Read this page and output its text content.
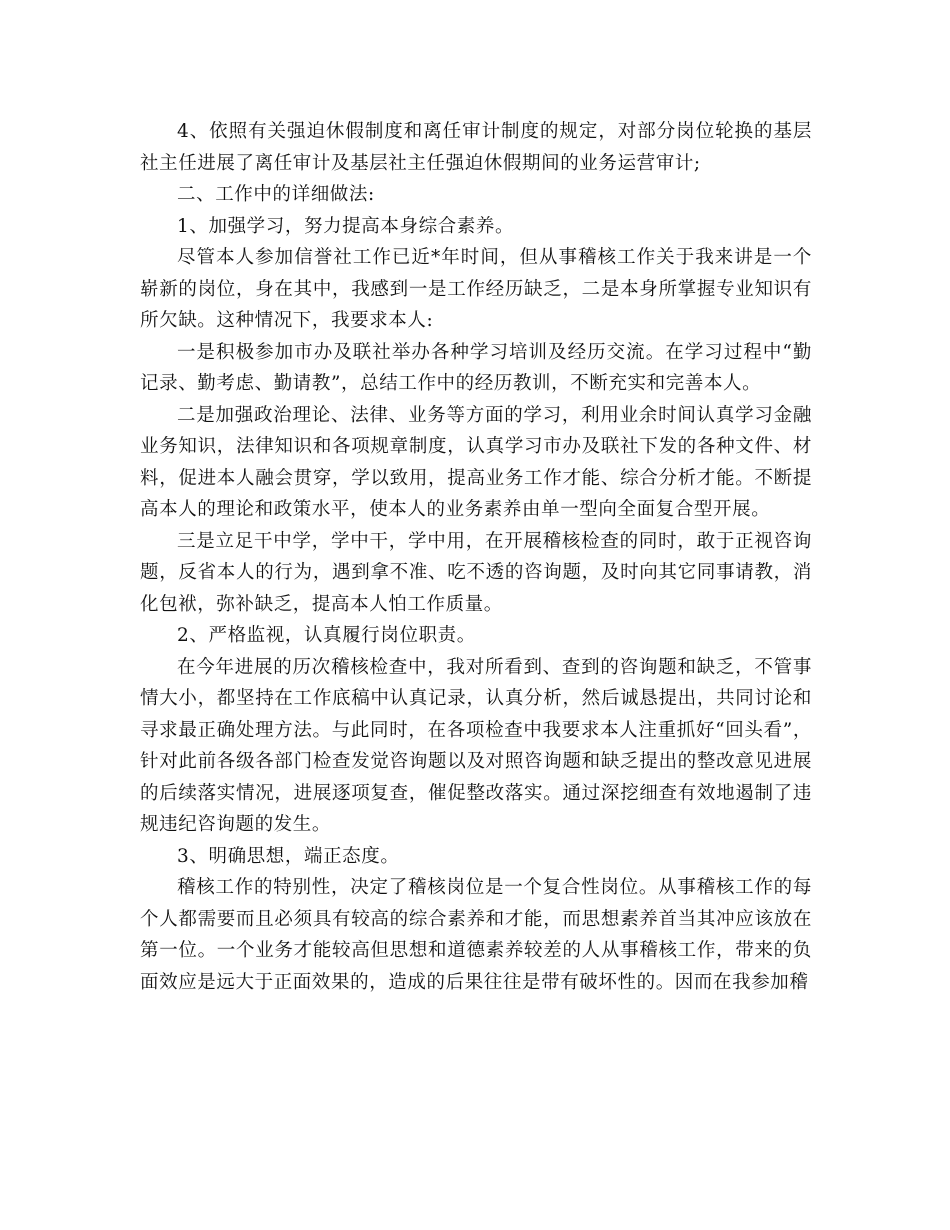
4、依照有关强迫休假制度和离任审计制度的规定，对部分岗位轮换的基层社主任进展了离任审计及基层社主任强迫休假期间的业务运营审计;

二、工作中的详细做法:

1、加强学习，努力提高本身综合素养。

尽管本人参加信誉社工作已近*年时间，但从事稽核工作关于我来讲是一个崭新的岗位，身在其中，我感到一是工作经历缺乏，二是本身所掌握专业知识有所欠缺。这种情况下，我要求本人:

一是积极参加市办及联社举办各种学习培训及经历交流。在学习过程中“勤记录、勤考虑、勤请教”，总结工作中的经历教训，不断充实和完善本人。

二是加强政治理论、法律、业务等方面的学习，利用业余时间认真学习金融业务知识，法律知识和各项规章制度，认真学习市办及联社下发的各种文件、材料，促进本人融会贯穿，学以致用，提高业务工作才能、综合分析才能。不断提高本人的理论和政策水平，使本人的业务素养由单一型向全面复合型开展。

三是立足干中学，学中干，学中用，在开展稽核检查的同时，敢于正视咨询题，反省本人的行为，遇到拿不准、吃不透的咨询题，及时向其它同事请教，消化包袱，弥补缺乏，提高本人怕工作质量。

2、严格监视，认真履行岗位职责。

在今年进展的历次稽核检查中，我对所看到、查到的咨询题和缺乏，不管事情大小，都坚持在工作底稿中认真记录，认真分析，然后诚恳提出，共同讨论和寻求最正确处理方法。与此同时，在各项检查中我要求本人注重抓好“回头看”，针对此前各级各部门检查发觉咨询题以及对照咨询题和缺乏提出的整改意见进展的后续落实情况，进展逐项复查，催促整改落实。通过深挖细查有效地遏制了违规违纪咨询题的发生。

3、明确思想，端正态度。

稽核工作的特别性，决定了稽核岗位是一个复合性岗位。从事稽核工作的每个人都需要而且必须具有较高的综合素养和才能，而思想素养首当其冲应该放在第一位。一个业务才能较高但思想和道德素养较差的人从事稽核工作，带来的负面效应是远大于正面效果的，造成的后果往往是带有破坏性的。因而在我参加稽
